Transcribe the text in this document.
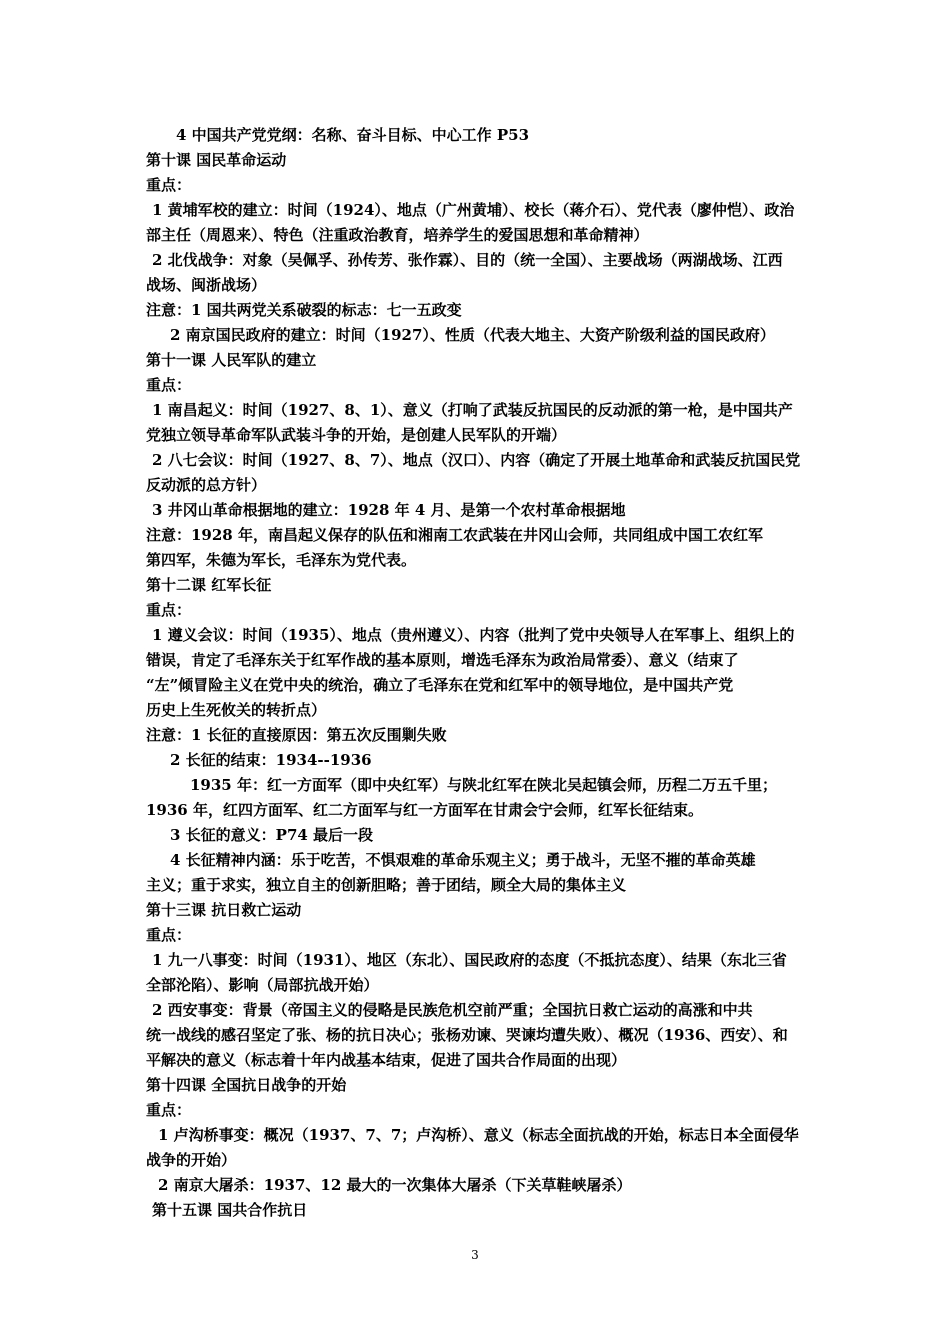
4 中国共产党党纲：名称、奋斗目标、中心工作 P53
第十课 国民革命运动
重点：
1 黄埔军校的建立：时间（1924）、地点（广州黄埔）、校长（蒋介石）、党代表（廖仲恺）、政治
部主任（周恩来）、特色（注重政治教育，培养学生的爱国思想和革命精神）
2 北伐战争：对象（吴佩孚、孙传芳、张作霖）、目的（统一全国）、主要战场（两湖战场、江西
战场、闽浙战场）
注意：1 国共两党关系破裂的标志：七一五政变
2 南京国民政府的建立：时间（1927）、性质（代表大地主、大资产阶级利益的国民政府）
第十一课 人民军队的建立
重点：
1 南昌起义：时间（1927、8、1）、意义（打响了武装反抗国民的反动派的第一枪，是中国共产
党独立领导革命军队武装斗争的开始，是创建人民军队的开端）
2 八七会议：时间（1927、8、7）、地点（汉口）、内容（确定了开展土地革命和武装反抗国民党
反动派的总方针）
3 井冈山革命根据地的建立：1928 年 4 月、是第一个农村革命根据地
注意：1928 年，南昌起义保存的队伍和湘南工农武装在井冈山会师，共同组成中国工农红军
第四军，朱德为军长，毛泽东为党代表。
第十二课 红军长征
重点：
1 遵义会议：时间（1935）、地点（贵州遵义）、内容（批判了党中央领导人在军事上、组织上的
错误，肯定了毛泽东关于红军作战的基本原则，增选毛泽东为政治局常委）、意义（结束了
“左”倾冒险主义在党中央的统治，确立了毛泽东在党和红军中的领导地位，是中国共产党
历史上生死攸关的转折点）
注意：1 长征的直接原因：第五次反围剿失败
2 长征的结束：1934--1936
1935 年：红一方面军（即中央红军）与陕北红军在陕北吴起镇会师，历程二万五千里；
1936 年，红四方面军、红二方面军与红一方面军在甘肃会宁会师，红军长征结束。
3 长征的意义：P74 最后一段
4 长征精神内涵：乐于吃苦，不惧艰难的革命乐观主义；勇于战斗，无坚不摧的革命英雄
主义；重于求实，独立自主的创新胆略；善于团结，顾全大局的集体主义
第十三课 抗日救亡运动
重点：
1 九一八事变：时间（1931）、地区（东北）、国民政府的态度（不抵抗态度）、结果（东北三省
全部沦陷）、影响（局部抗战开始）
2 西安事变：背景（帝国主义的侵略是民族危机空前严重；全国抗日救亡运动的高涨和中共
统一战线的感召坚定了张、杨的抗日决心；张杨劝谏、哭谏均遭失败）、概况（1936、西安）、和
平解决的意义（标志着十年内战基本结束，促进了国共合作局面的出现）
第十四课 全国抗日战争的开始
重点：
1 卢沟桥事变：概况（1937、7、7；卢沟桥）、意义（标志全面抗战的开始，标志日本全面侵华
战争的开始）
2 南京大屠杀：1937、12 最大的一次集体大屠杀（下关草鞋峡屠杀）
第十五课 国共合作抗日
3
